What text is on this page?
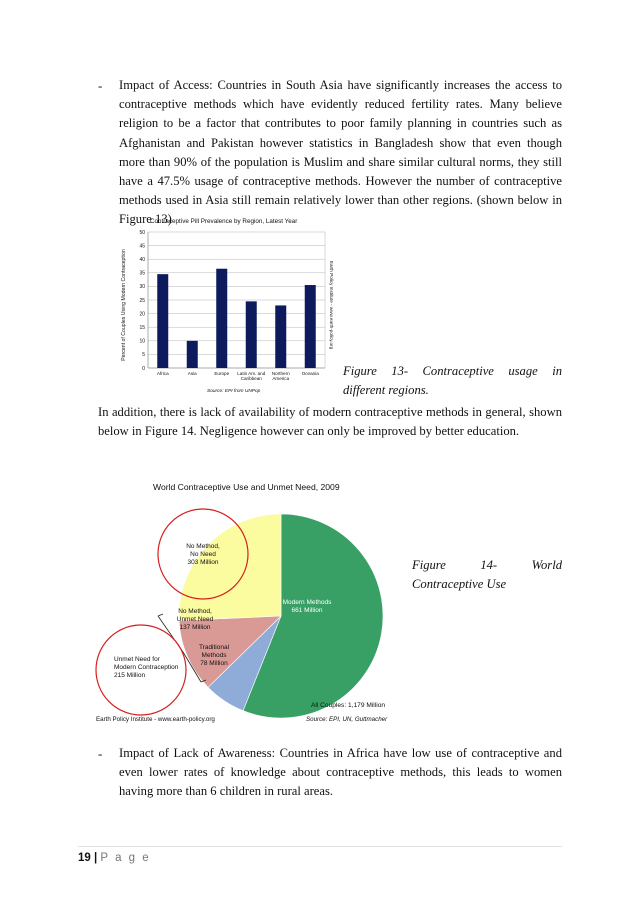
- Impact of Access: Countries in South Asia have significantly increases the access to
contraceptive methods which have evidently reduced fertility rates. Many believe
religion to be a factor that contributes to poor family planning in countries such as
Afghanistan and Pakistan however statistics in Bangladesh show that even though
more than 90% of the population is Muslim and share similar cultural norms, they still
have a 47.5% usage of contraceptive methods. However the number of contraceptive
methods used in Asia still remain relatively lower than other regions. (shown below in
Figure 13)
Contraceptive Pill Prevalence by Region, Latest Year
Percent of Couples Using Modern Contraception	Earth Policy Institute - www.earth-policy.org
0
5
10
15
20
25
30
35
40
45
50
Africa	Asia	Europe Latin Am. and
Caribbean
Northern
America
Oceania
Source: EPI from UNPop
Figure 13- Contraceptive usage in
different regions.
In addition, there is lack of availability of modern contraceptive methods in general, shown
below in Figure 14. Negligence however can only be improved by better education.
World Contraceptive Use and Unmet Need, 2009
Modern Methods
661 Million
Traditional
Methods
78 Million
No Method,
Unmet Need
137 Million
No Method,
No Need
303 Million
Unmet Need for
Modern Contraception
215 Million
All Couples: 1,179 Million
Earth Policy Institute - www.earth-policy.org	Source: EPI, UN, Guttmacher
Figure 14- World
Contraceptive Use
- Impact of Lack of Awareness: Countries in Africa have low use of contraceptive and
even lower rates of knowledge about contraceptive methods, this leads to women
having more than 6 children in rural areas.
19 | P a g e
